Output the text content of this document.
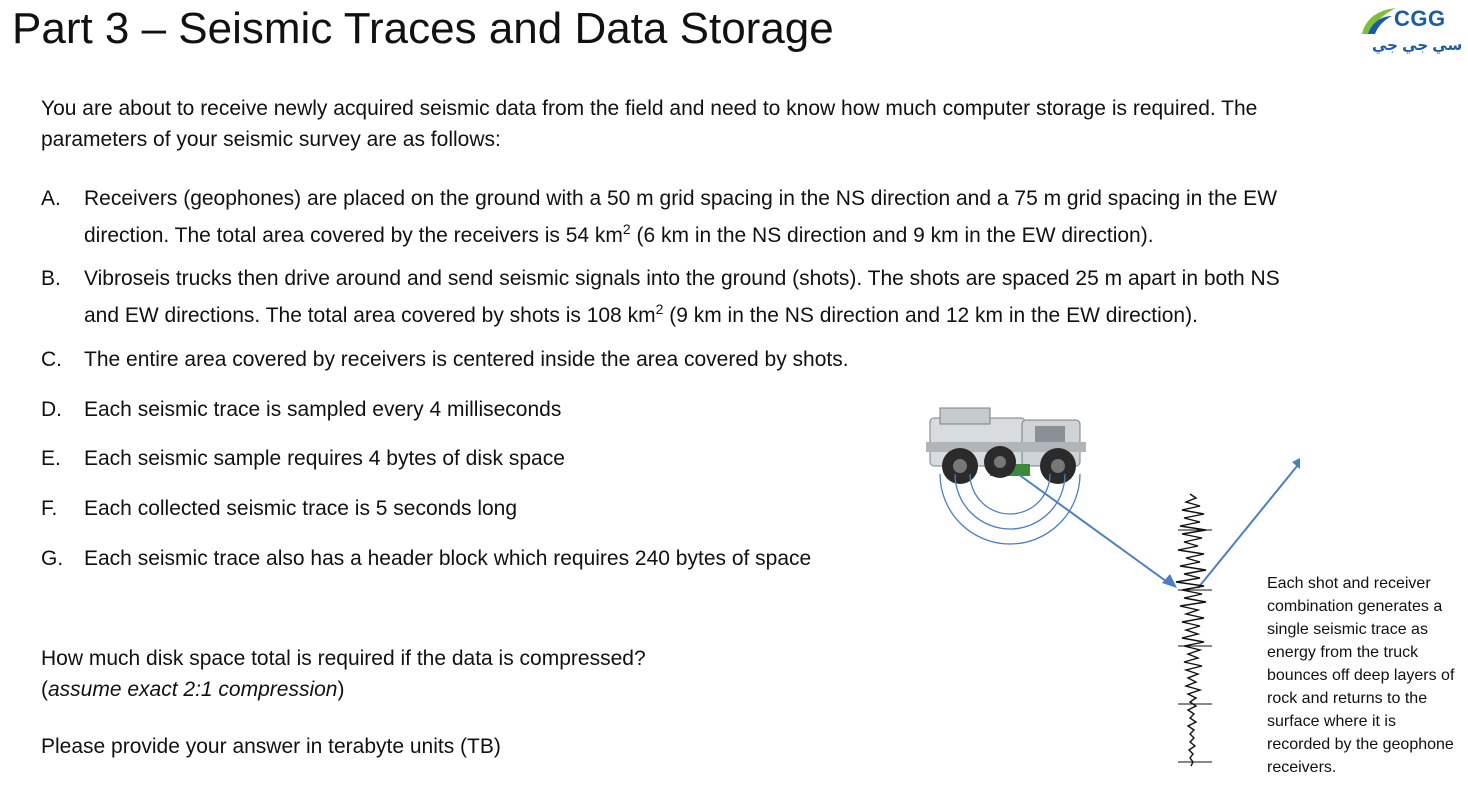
Part 3 – Seismic Traces and Data Storage	CGG
سي جي جي
You are about to receive newly acquired seismic data from the field and need to know how much computer storage is required. The
parameters of your seismic survey are as follows:
A. Receivers (geophones) are placed on the ground with a 50 m grid spacing in the NS direction and a 75 m grid spacing in the EW
direction. The total area covered by the receivers is 54 $km^2$ (6 km in the NS direction and 9 km in the EW direction).
B. Vibroseis trucks then drive around and send seismic signals into the ground (shots). The shots are spaced 25 m apart in both NS
and EW directions. The total area covered by shots is 108 $km^2$ (9 km in the NS direction and 12 km in the EW direction).
C. The entire area covered by receivers is centered inside the area covered by shots.
D. Each seismic trace is sampled every 4 milliseconds
E. Each seismic sample requires 4 bytes of disk space
F. Each collected seismic trace is 5 seconds long
G. Each seismic trace also has a header block which requires 240 bytes of space
How much disk space total is required if the data is compressed?
(assume exact 2:1 compression)
Please provide your answer in terabyte units (TB)
Each shot and receiver combination generates a single seismic trace as energy from the truck bounces off deep layers of rock and returns to the surface where it is recorded by the geophone receivers.
